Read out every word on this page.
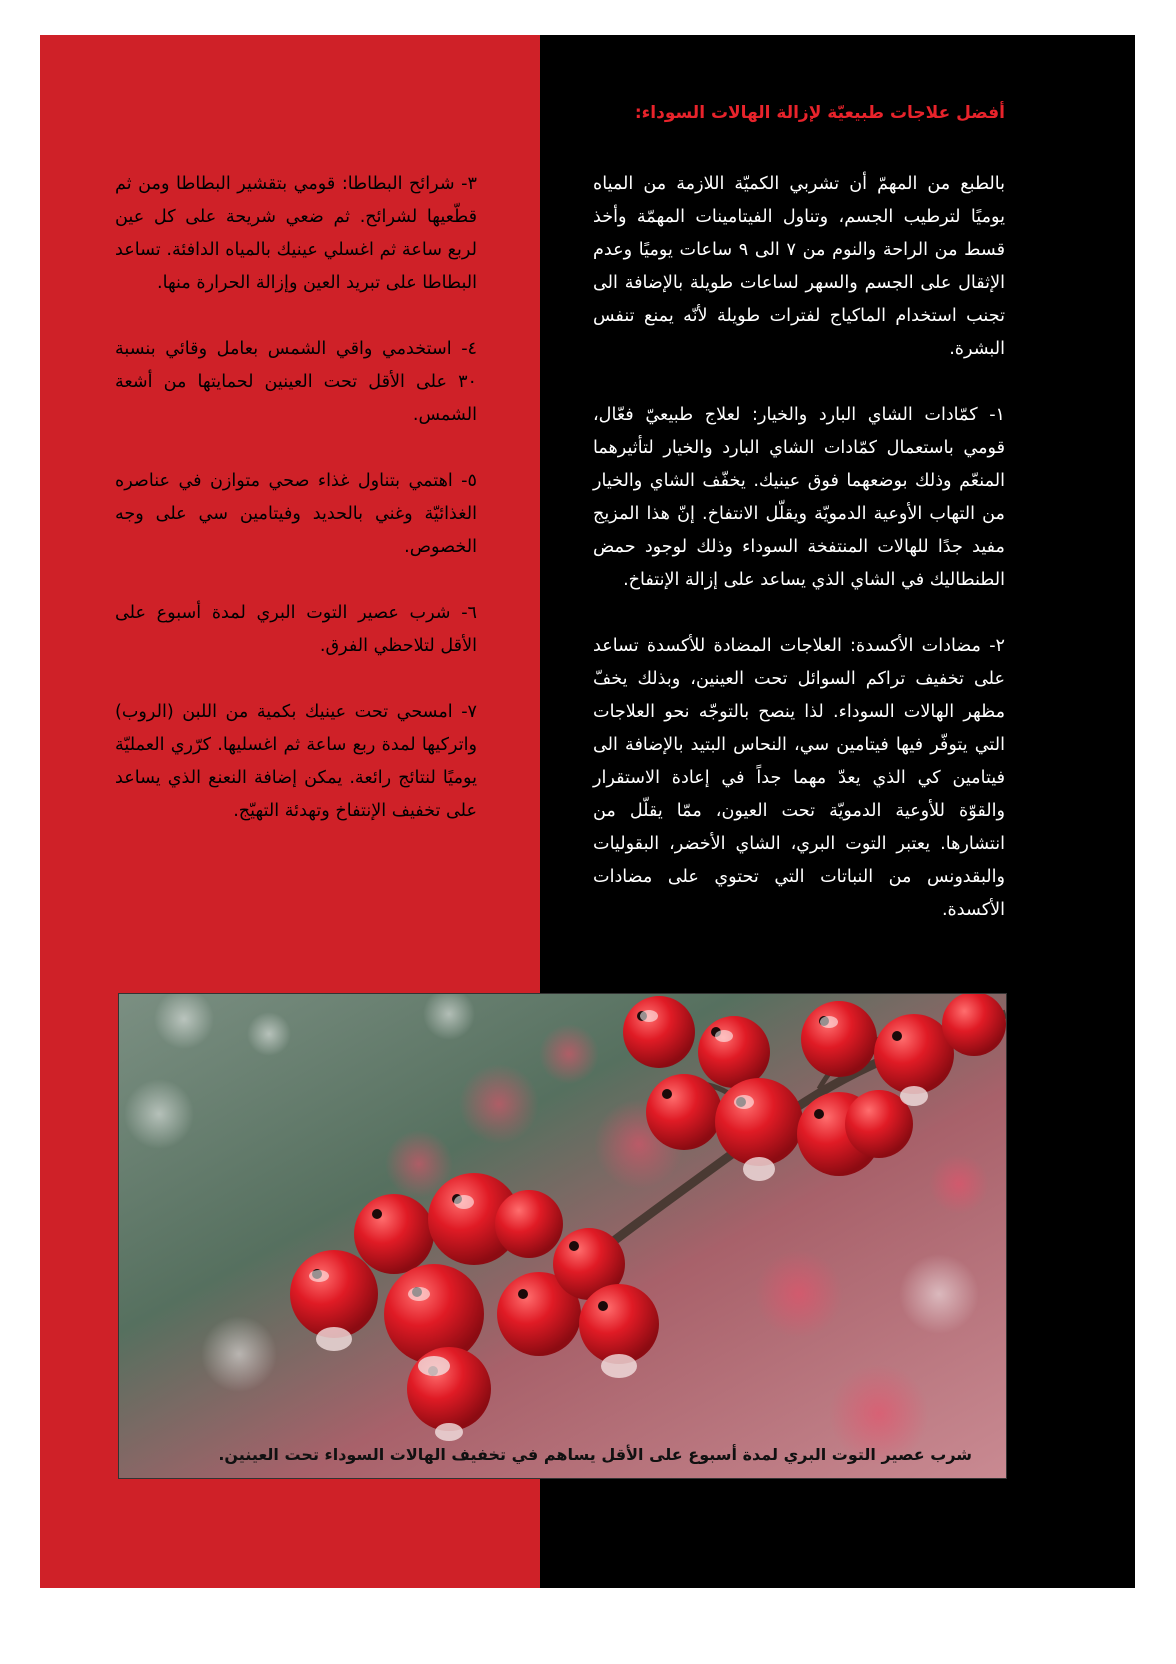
أفضل علاجات طبيعيّة لإزالة الهالات السوداء:

بالطبع من المهمّ أن تشربي الكميّة اللازمة من المياه يوميًا لترطيب الجسم، وتناول الفيتامينات المهمّة وأخذ قسط من الراحة والنوم من ٧ الى ٩ ساعات يوميًا وعدم الإثقال على الجسم والسهر لساعات طويلة بالإضافة الى تجنب استخدام الماكياج لفترات طويلة لأنّه يمنع تنفس البشرة.

١- كمّادات الشاي البارد والخيار: لعلاج طبيعيّ فعّال، قومي باستعمال كمّادات الشاي البارد والخيار لتأثيرهما المنعّم وذلك بوضعهما فوق عينيك. يخفّف الشاي والخيار من التهاب الأوعية الدمويّة ويقلّل الانتفاخ. إنّ هذا المزيج مفيد جدًا للهالات المنتفخة السوداء وذلك لوجود حمض الطنطاليك في الشاي الذي يساعد على إزالة الإنتفاخ.

٢- مضادات الأكسدة: العلاجات المضادة للأكسدة تساعد على تخفيف تراكم السوائل تحت العينين، وبذلك يخفّ مظهر الهالات السوداء. لذا ينصح بالتوجّه نحو العلاجات التي يتوفّر فيها فيتامين سي، النحاس البتيد بالإضافة الى فيتامين كي الذي يعدّ مهما جداً في إعادة الاستقرار والقوّة للأوعية الدمويّة تحت العيون، ممّا يقلّل من انتشارها. يعتبر التوت البري، الشاي الأخضر، البقوليات والبقدونس من النباتات التي تحتوي على مضادات الأكسدة.

٣- شرائح البطاطا: قومي بتقشير البطاطا ومن ثم قطّعيها لشرائح. ثم ضعي شريحة على كل عين لربع ساعة ثم اغسلي عينيك بالمياه الدافئة. تساعد البطاطا على تبريد العين وإزالة الحرارة منها.

٤- استخدمي واقي الشمس بعامل وقائي بنسبة ٣٠ على الأقل تحت العينين لحمايتها من أشعة الشمس.

٥- اهتمي بتناول غذاء صحي متوازن في عناصره الغذائيّة وغني بالحديد وفيتامين سي على وجه الخصوص.

٦- شرب عصير التوت البري لمدة أسبوع على الأقل لتلاحظي الفرق.

٧- امسحي تحت عينيك بكمية من اللبن (الروب) واتركيها لمدة ربع ساعة ثم اغسليها. كرّري العمليّة يوميًا لنتائج رائعة. يمكن إضافة النعنع الذي يساعد على تخفيف الإنتفاخ وتهدئة التهيّج.

شرب عصير التوت البري لمدة أسبوع على الأقل يساهم في تخفيف الهالات السوداء تحت العينين.
